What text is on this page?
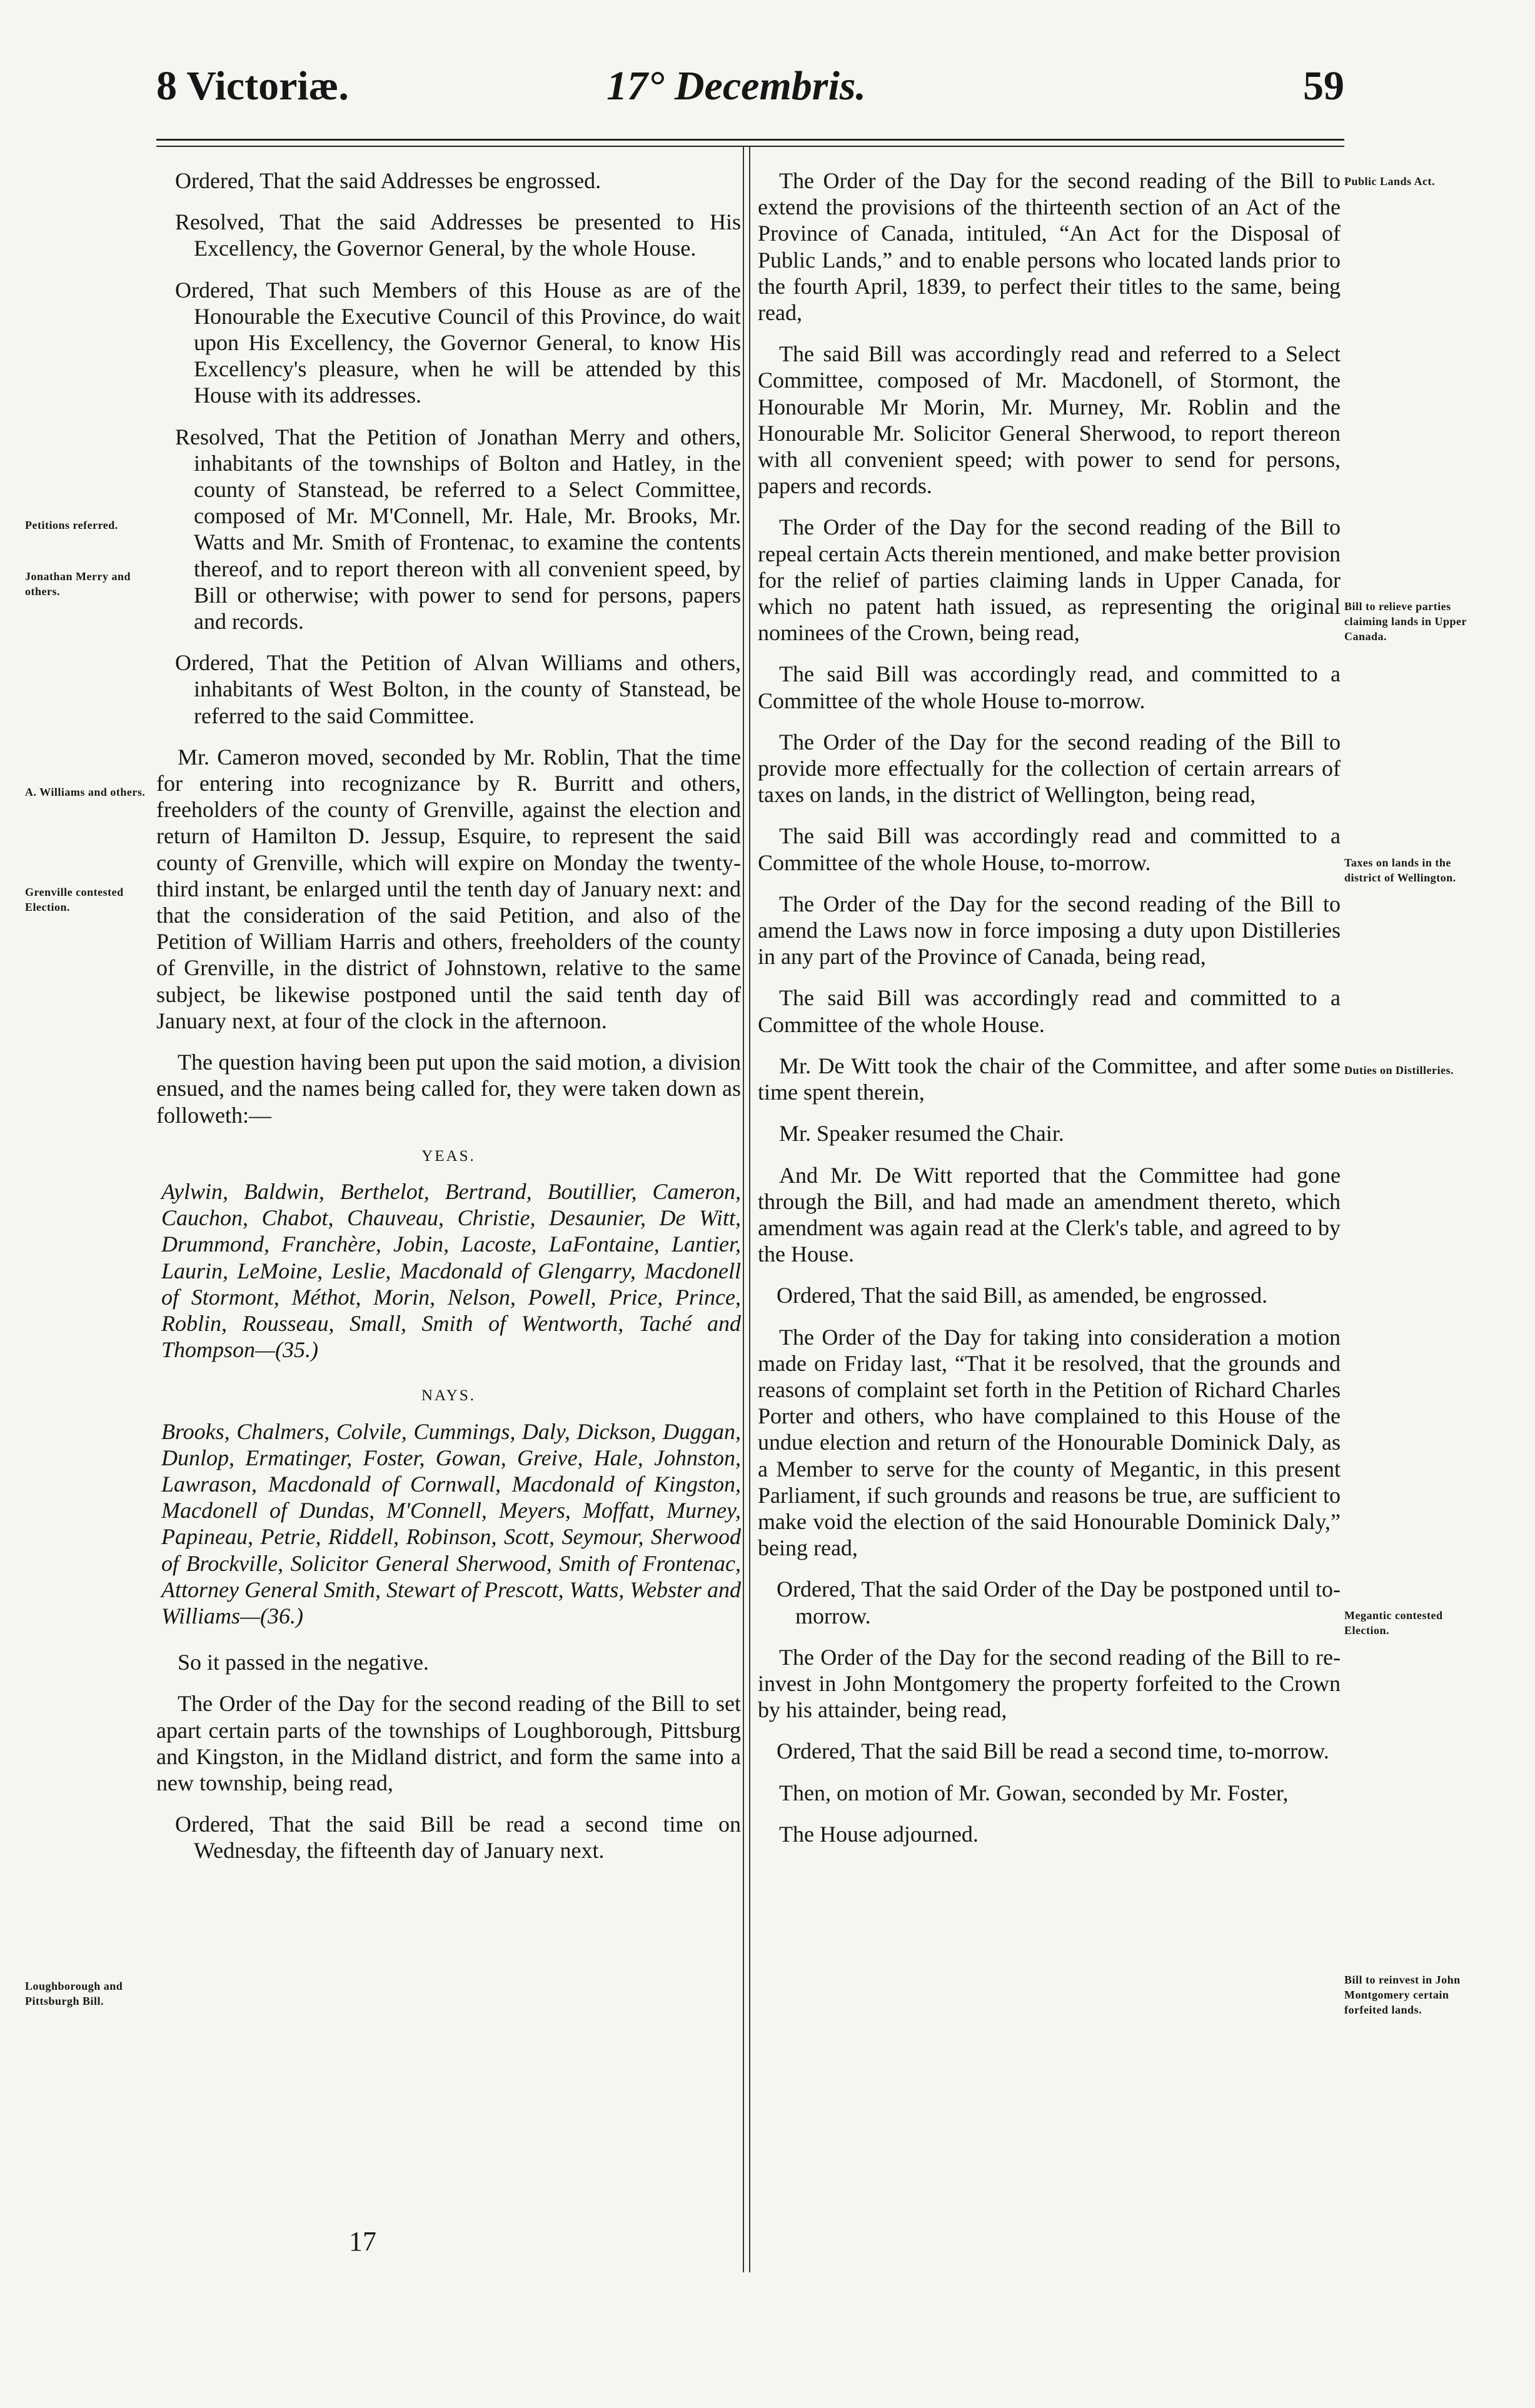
8 Victoriæ.	17° Decembris.	59
Petitions referred.
Jonathan Merry and others.
A. Williams and others.
Grenville contested Election.
Loughborough and Pittsburgh Bill.
Public Lands Act.
Bill to relieve parties claiming lands in Upper Canada.
Taxes on lands in the district of Wellington.
Duties on Distilleries.
Megantic contested Election.
Bill to reinvest in John Montgomery certain forfeited lands.

Ordered, That the said Addresses be engrossed.

Resolved, That the said Addresses be presented to His Excellency, the Governor General, by the whole House.

Ordered, That such Members of this House as are of the Honourable the Executive Council of this Province, do wait upon His Excellency, the Governor General, to know His Excellency's pleasure, when he will be attended by this House with its addresses.

Resolved, That the Petition of Jonathan Merry and others, inhabitants of the townships of Bolton and Hatley, in the county of Stanstead, be referred to a Select Committee, composed of Mr. M'Connell, Mr. Hale, Mr. Brooks, Mr. Watts and Mr. Smith of Frontenac, to examine the contents thereof, and to report thereon with all convenient speed, by Bill or otherwise; with power to send for persons, papers and records.

Ordered, That the Petition of Alvan Williams and others, inhabitants of West Bolton, in the county of Stanstead, be referred to the said Committee.

Mr. Cameron moved, seconded by Mr. Roblin, That the time for entering into recognizance by R. Burritt and others, freeholders of the county of Grenville, against the election and return of Hamilton D. Jessup, Esquire, to represent the said county of Grenville, which will expire on Monday the twenty-third instant, be enlarged until the tenth day of January next: and that the consideration of the said Petition, and also of the Petition of William Harris and others, freeholders of the county of Grenville, in the district of Johnstown, relative to the same subject, be likewise postponed until the said tenth day of January next, at four of the clock in the afternoon.

The question having been put upon the said motion, a division ensued, and the names being called for, they were taken down as followeth:—

YEAS.

Aylwin, Baldwin, Berthelot, Bertrand, Boutillier, Cameron, Cauchon, Chabot, Chauveau, Christie, Desaunier, De Witt, Drummond, Franchère, Jobin, Lacoste, LaFontaine, Lantier, Laurin, LeMoine, Leslie, Macdonald of Glengarry, Macdonell of Stormont, Méthot, Morin, Nelson, Powell, Price, Prince, Roblin, Rousseau, Small, Smith of Wentworth, Taché and Thompson—(35.)

NAYS.

Brooks, Chalmers, Colvile, Cummings, Daly, Dickson, Duggan, Dunlop, Ermatinger, Foster, Gowan, Greive, Hale, Johnston, Lawrason, Macdonald of Cornwall, Macdonald of Kingston, Macdonell of Dundas, M'Connell, Meyers, Moffatt, Murney, Papineau, Petrie, Riddell, Robinson, Scott, Seymour, Sherwood of Brockville, Solicitor General Sherwood, Smith of Frontenac, Attorney General Smith, Stewart of Prescott, Watts, Webster and Williams—(36.)

So it passed in the negative.

The Order of the Day for the second reading of the Bill to set apart certain parts of the townships of Loughborough, Pittsburg and Kingston, in the Midland district, and form the same into a new township, being read,

Ordered, That the said Bill be read a second time on Wednesday, the fifteenth day of January next.

The Order of the Day for the second reading of the Bill to extend the provisions of the thirteenth section of an Act of the Province of Canada, intituled, “An Act for the Disposal of Public Lands,” and to enable persons who located lands prior to the fourth April, 1839, to perfect their titles to the same, being read,

The said Bill was accordingly read and referred to a Select Committee, composed of Mr. Macdonell, of Stormont, the Honourable Mr Morin, Mr. Murney, Mr. Roblin and the Honourable Mr. Solicitor General Sherwood, to report thereon with all convenient speed; with power to send for persons, papers and records.

The Order of the Day for the second reading of the Bill to repeal certain Acts therein mentioned, and make better provision for the relief of parties claiming lands in Upper Canada, for which no patent hath issued, as representing the original nominees of the Crown, being read,

The said Bill was accordingly read, and committed to a Committee of the whole House to-morrow.

The Order of the Day for the second reading of the Bill to provide more effectually for the collection of certain arrears of taxes on lands, in the district of Wellington, being read,

The said Bill was accordingly read and committed to a Committee of the whole House, to-morrow.

The Order of the Day for the second reading of the Bill to amend the Laws now in force imposing a duty upon Distilleries in any part of the Province of Canada, being read,

The said Bill was accordingly read and committed to a Committee of the whole House.

Mr. De Witt took the chair of the Committee, and after some time spent therein,

Mr. Speaker resumed the Chair.

And Mr. De Witt reported that the Committee had gone through the Bill, and had made an amendment thereto, which amendment was again read at the Clerk's table, and agreed to by the House.

Ordered, That the said Bill, as amended, be engrossed.

The Order of the Day for taking into consideration a motion made on Friday last, “That it be resolved, that the grounds and reasons of complaint set forth in the Petition of Richard Charles Porter and others, who have complained to this House of the undue election and return of the Honourable Dominick Daly, as a Member to serve for the county of Megantic, in this present Parliament, if such grounds and reasons be true, are sufficient to make void the election of the said Honourable Dominick Daly,” being read,

Ordered, That the said Order of the Day be postponed until to-morrow.

The Order of the Day for the second reading of the Bill to re-invest in John Montgomery the property forfeited to the Crown by his attainder, being read,

Ordered, That the said Bill be read a second time, to-morrow.

Then, on motion of Mr. Gowan, seconded by Mr. Foster,

The House adjourned.

17
